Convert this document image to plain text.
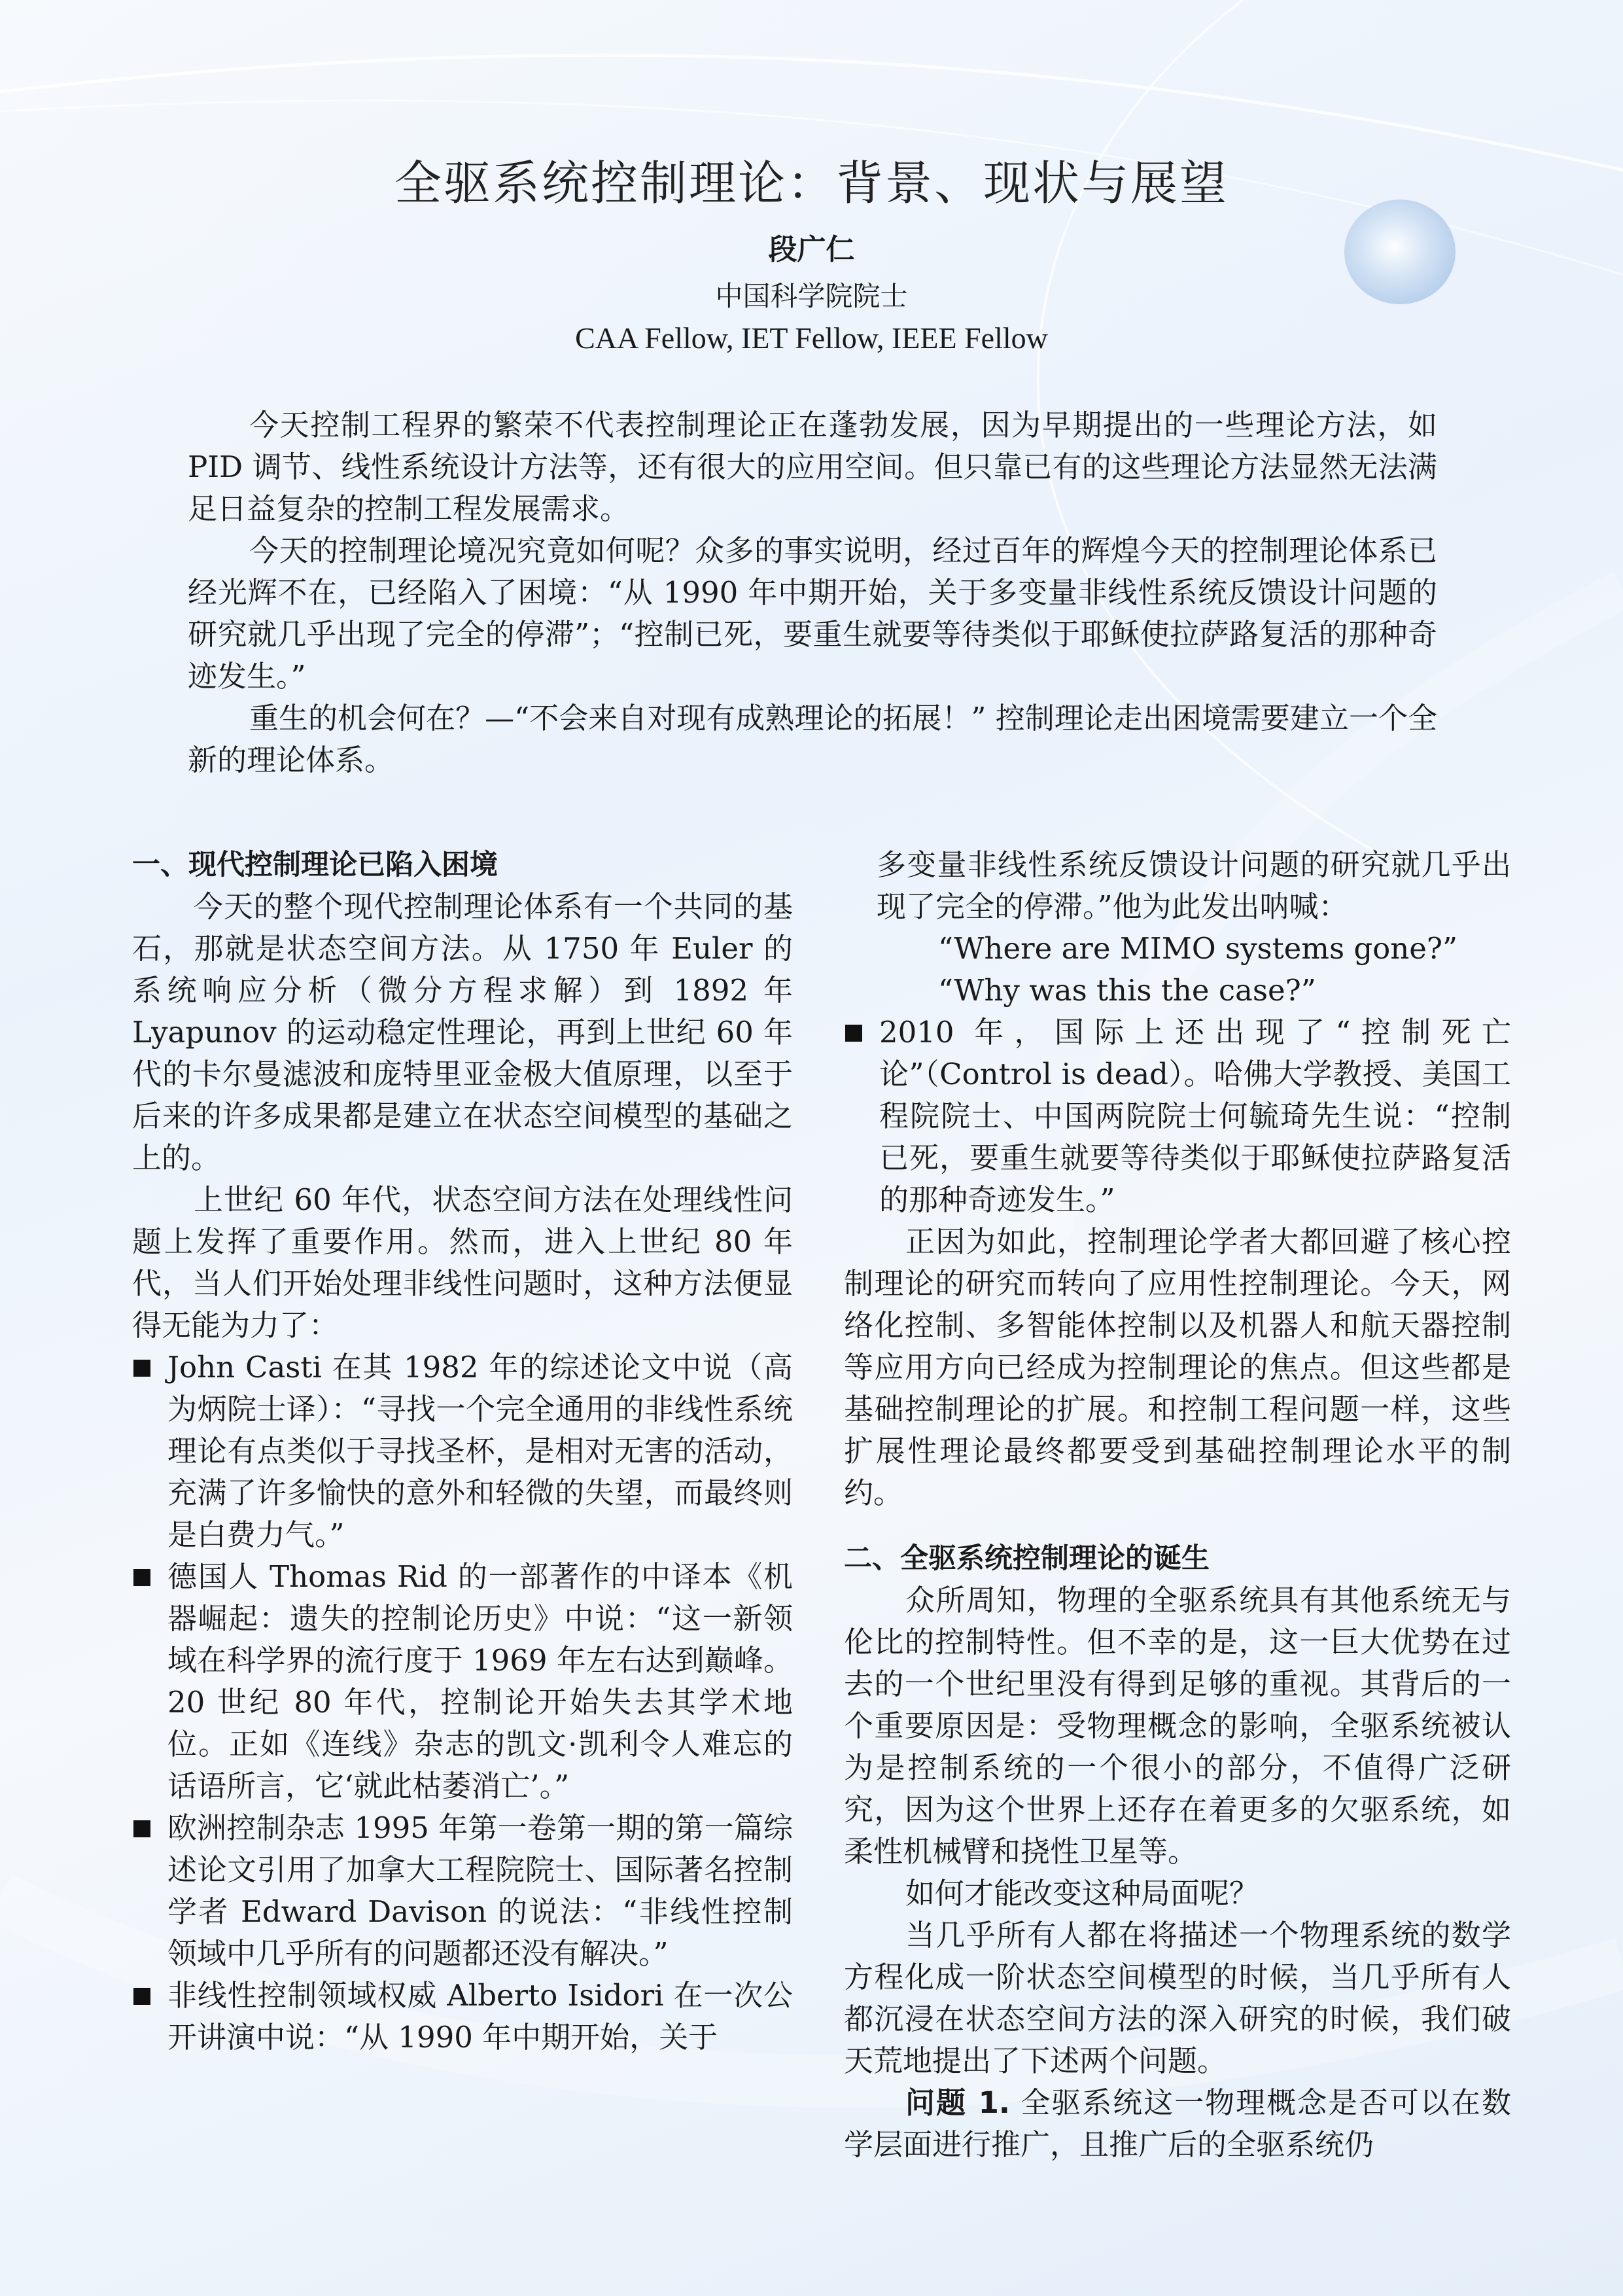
全驱系统控制理论：背景、现状与展望
段广仁
中国科学院院士
CAA Fellow, IET Fellow, IEEE Fellow

今天控制工程界的繁荣不代表控制理论正在蓬勃发展，因为早期提出的一些理论方法，如 PID 调节、线性系统设计方法等，还有很大的应用空间。但只靠已有的这些理论方法显然无法满足日益复杂的控制工程发展需求。

今天的控制理论境况究竟如何呢？众多的事实说明，经过百年的辉煌今天的控制理论体系已经光辉不在，已经陷入了困境：“从 1990 年中期开始，关于多变量非线性系统反馈设计问题的研究就几乎出现了完全的停滞”；“控制已死，要重生就要等待类似于耶稣使拉萨路复活的那种奇迹发生。”

重生的机会何在？—“不会来自对现有成熟理论的拓展！” 控制理论走出困境需要建立一个全新的理论体系。

一、现代控制理论已陷入困境

今天的整个现代控制理论体系有一个共同的基石，那就是状态空间方法。从 1750 年 Euler 的系统响应分析（微分方程求解）到 1892 年 Lyapunov 的运动稳定性理论，再到上世纪 60 年代的卡尔曼滤波和庞特里亚金极大值原理，以至于后来的许多成果都是建立在状态空间模型的基础之上的。

上世纪 60 年代，状态空间方法在处理线性问题上发挥了重要作用。然而，进入上世纪 80 年代，当人们开始处理非线性问题时，这种方法便显得无能为力了：

John Casti 在其 1982 年的综述论文中说（高为炳院士译）：“寻找一个完全通用的非线性系统理论有点类似于寻找圣杯，是相对无害的活动，充满了许多愉快的意外和轻微的失望，而最终则是白费力气。”
德国人 Thomas Rid 的一部著作的中译本《机器崛起：遗失的控制论历史》中说：“这一新领域在科学界的流行度于 1969 年左右达到巅峰。20 世纪 80 年代，控制论开始失去其学术地位。正如《连线》杂志的凯文·凯利令人难忘的话语所言，它‘就此枯萎消亡’。”
欧洲控制杂志 1995 年第一卷第一期的第一篇综述论文引用了加拿大工程院院士、国际著名控制学者 Edward Davison 的说法：“非线性控制领域中几乎所有的问题都还没有解决。”
非线性控制领域权威 Alberto Isidori 在一次公开讲演中说：“从 1990 年中期开始，关于

多变量非线性系统反馈设计问题的研究就几乎出现了完全的停滞。”他为此发出呐喊：

“Where are MIMO systems gone?”

“Why was this the case?”

2010 年，国际上还出现了“控制死亡论”（Control is dead）。哈佛大学教授、美国工程院院士、中国两院院士何毓琦先生说：“控制已死，要重生就要等待类似于耶稣使拉萨路复活的那种奇迹发生。”

正因为如此，控制理论学者大都回避了核心控制理论的研究而转向了应用性控制理论。今天，网络化控制、多智能体控制以及机器人和航天器控制等应用方向已经成为控制理论的焦点。但这些都是基础控制理论的扩展。和控制工程问题一样，这些扩展性理论最终都要受到基础控制理论水平的制约。

二、全驱系统控制理论的诞生

众所周知，物理的全驱系统具有其他系统无与伦比的控制特性。但不幸的是，这一巨大优势在过去的一个世纪里没有得到足够的重视。其背后的一个重要原因是：受物理概念的影响，全驱系统被认为是控制系统的一个很小的部分，不值得广泛研究，因为这个世界上还存在着更多的欠驱系统，如柔性机械臂和挠性卫星等。

如何才能改变这种局面呢？

当几乎所有人都在将描述一个物理系统的数学方程化成一阶状态空间模型的时候，当几乎所有人都沉浸在状态空间方法的深入研究的时候，我们破天荒地提出了下述两个问题。

问题 1. 全驱系统这一物理概念是否可以在数学层面进行推广，且推广后的全驱系统仍
